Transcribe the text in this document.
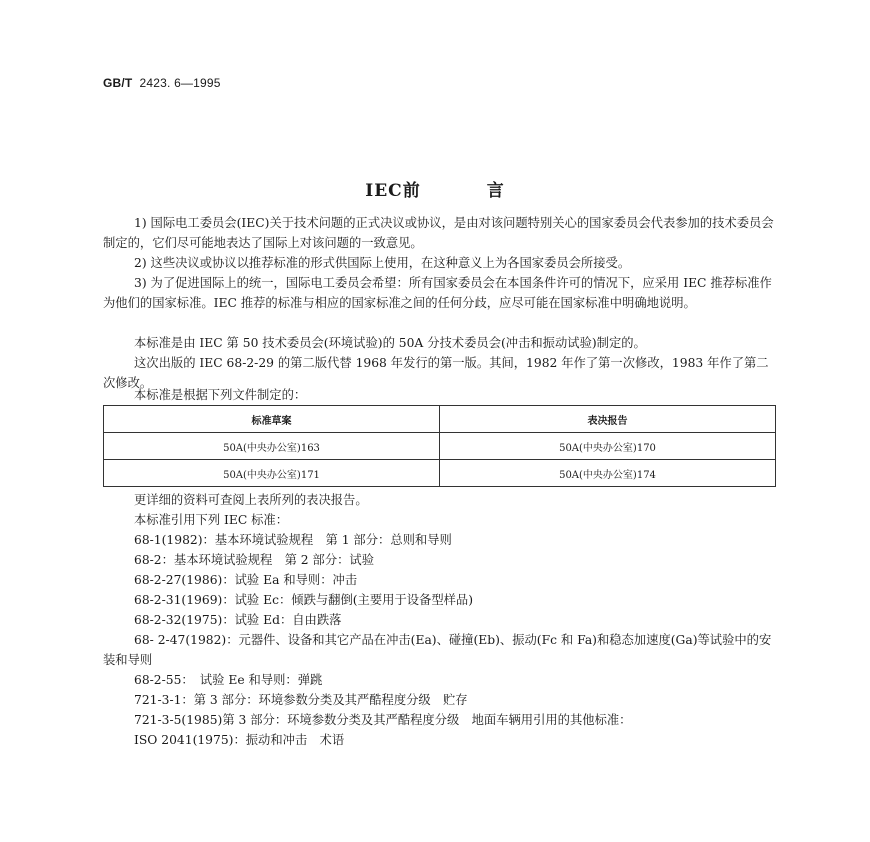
GB/T 2423. 6—1995
IEC前	言

1) 国际电工委员会(IEC)关于技术问题的正式决议或协议，是由对该问题特别关心的国家委员会代表参加的技术委员会制定的，它们尽可能地表达了国际上对该问题的一致意见。

2) 这些决议或协议以推荐标准的形式供国际上使用，在这种意义上为各国家委员会所接受。

3) 为了促进国际上的统一，国际电工委员会希望：所有国家委员会在本国条件许可的情况下，应采用 IEC 推荐标准作为他们的国家标准。IEC 推荐的标准与相应的国家标准之间的任何分歧，应尽可能在国家标准中明确地说明。

本标准是由 IEC 第 50 技术委员会(环境试验)的 50A 分技术委员会(冲击和振动试验)制定的。

这次出版的 IEC 68-2-29 的第二版代替 1968 年发行的第一版。其间，1982 年作了第一次修改，1983 年作了第二次修改。

本标准是根据下列文件制定的：

标准草案	表决报告
50A(中央办公室)163	50A(中央办公室)170
50A(中央办公室)171	50A(中央办公室)174

更详细的资料可查阅上表所列的表决报告。

本标准引用下列 IEC 标准：

68-1(1982)：基本环境试验规程　第 1 部分：总则和导则

68-2：基本环境试验规程　第 2 部分：试验

68-2-27(1986)：试验 Ea 和导则：冲击

68-2-31(1969)：试验 Ec：倾跌与翻倒(主要用于设备型样品)

68-2-32(1975)：试验 Ed：自由跌落

68- 2-47(1982)：元器件、设备和其它产品在冲击(Ea)、碰撞(Eb)、振动(Fc 和 Fa)和稳态加速度(Ga)等试验中的安装和导则

68-2-55：　试验 Ee 和导则：弹跳

721-3-1：第 3 部分：环境参数分类及其严酷程度分级　贮存

721-3-5(1985)第 3 部分：环境参数分类及其严酷程度分级　地面车辆用引用的其他标准：

ISO 2041(1975)：振动和冲击　术语
